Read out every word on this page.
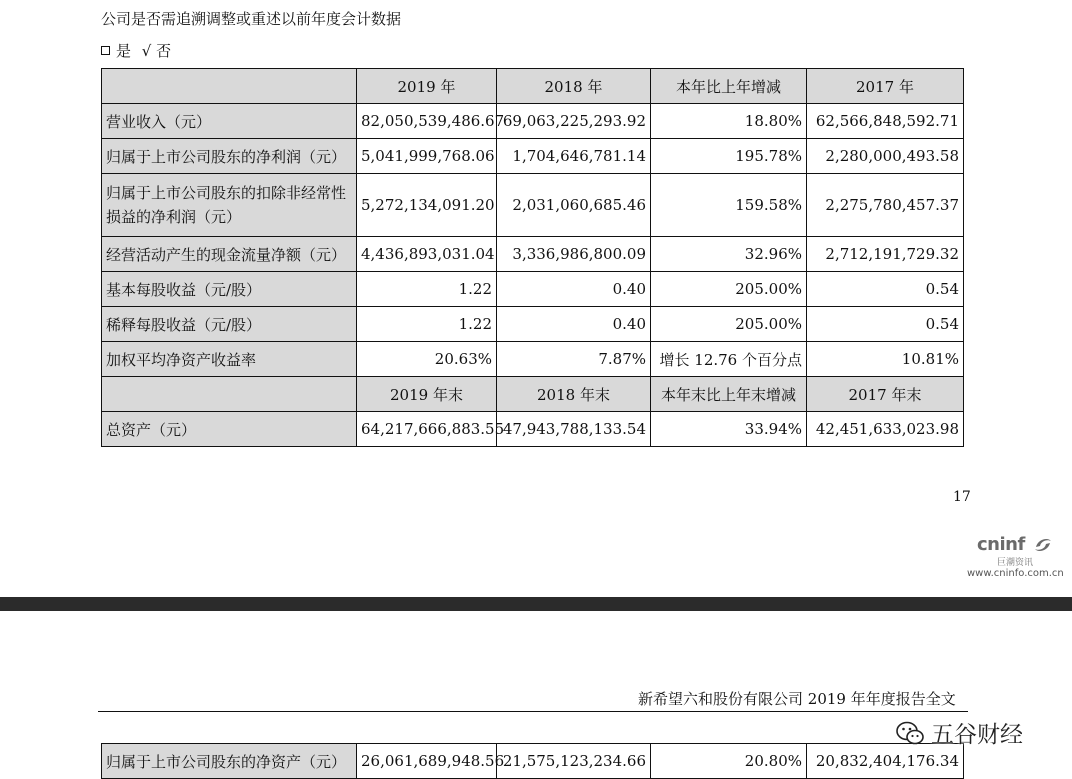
公司是否需追溯调整或重述以前年度会计数据
是 √ 否
	2019 年	2018 年	本年比上年增减	2017 年
营业收入（元）	82,050,539,486.67	69,063,225,293.92	18.80%	62,566,848,592.71
归属于上市公司股东的净利润（元）	5,041,999,768.06	1,704,646,781.14	195.78%	2,280,000,493.58
归属于上市公司股东的扣除非经常性损益的净利润（元）	5,272,134,091.20	2,031,060,685.46	159.58%	2,275,780,457.37
经营活动产生的现金流量净额（元）	4,436,893,031.04	3,336,986,800.09	32.96%	2,712,191,729.32
基本每股收益（元/股）	1.22	0.40	205.00%	0.54
稀释每股收益（元/股）	1.22	0.40	205.00%	0.54
加权平均净资产收益率	20.63%	7.87%	增长 12.76 个百分点	10.81%
	2019 年末	2018 年末	本年末比上年末增减	2017 年末
总资产（元）	64,217,666,883.55	47,943,788,133.54	33.94%	42,451,633,023.98
17
cninf
巨潮资讯
www.cninfo.com.cn
新希望六和股份有限公司 2019 年年度报告全文
归属于上市公司股东的净资产（元）	26,061,689,948.56	21,575,123,234.66	20.80%	20,832,404,176.34
五谷财经
